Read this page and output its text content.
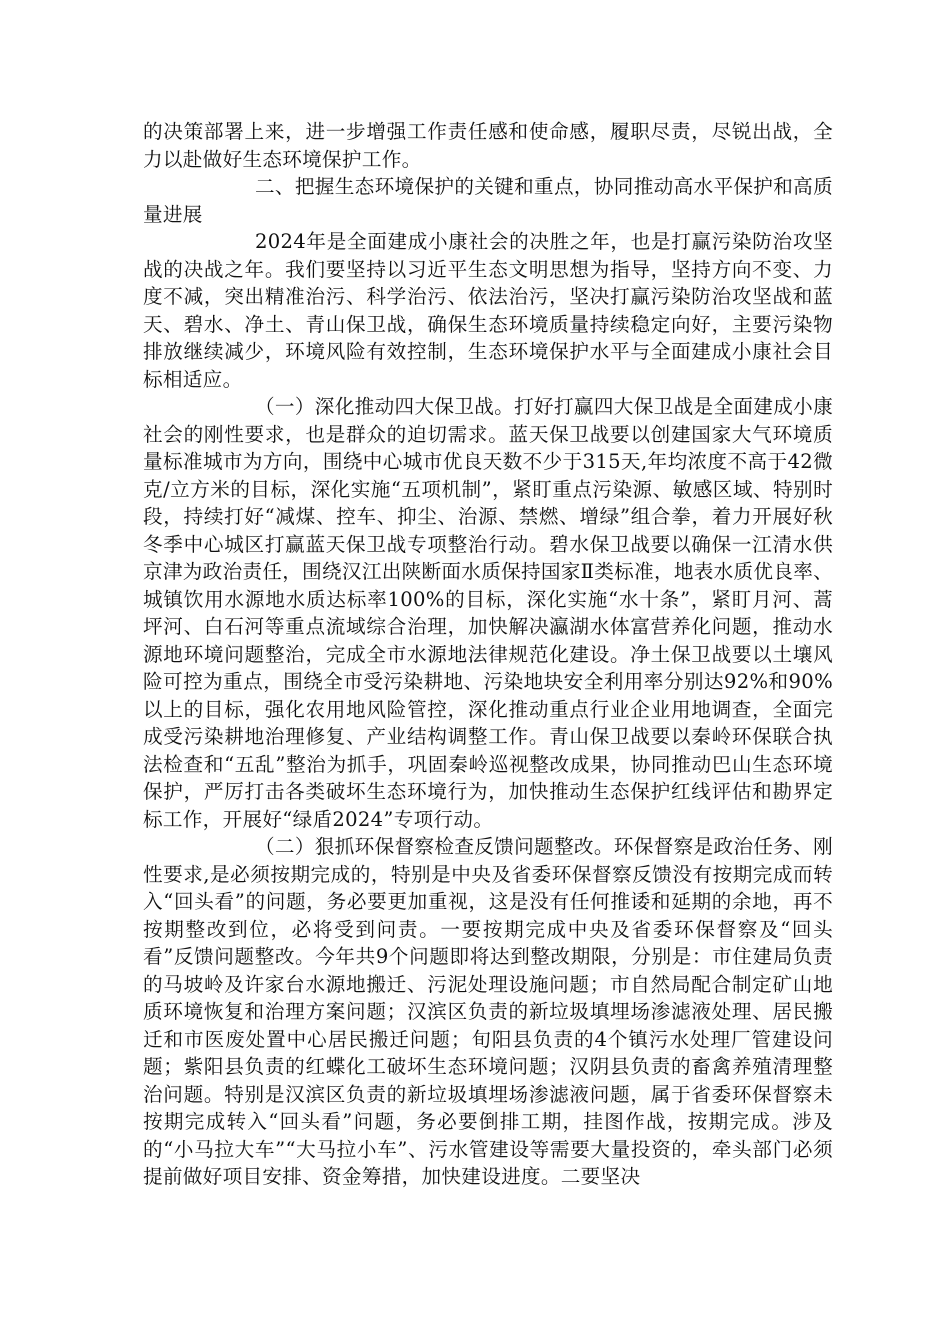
的决策部署上来，进一步增强工作责任感和使命感，履职尽责，尽锐出战，全力以赴做好生态环境保护工作。

二、把握生态环境保护的关键和重点，协同推动高水平保护和高质量进展

2024年是全面建成小康社会的决胜之年，也是打赢污染防治攻坚战的决战之年。我们要坚持以习近平生态文明思想为指导，坚持方向不变、力度不减，突出精准治污、科学治污、依法治污，坚决打赢污染防治攻坚战和蓝天、碧水、净土、青山保卫战，确保生态环境质量持续稳定向好，主要污染物排放继续减少，环境风险有效控制，生态环境保护水平与全面建成小康社会目标相适应。

（一）深化推动四大保卫战。打好打赢四大保卫战是全面建成小康社会的刚性要求，也是群众的迫切需求。蓝天保卫战要以创建国家大气环境质量标准城市为方向，围绕中心城市优良天数不少于315天,年均浓度不高于42微克/立方米的目标，深化实施“五项机制”，紧盯重点污染源、敏感区域、特别时段，持续打好“减煤、控车、抑尘、治源、禁燃、增绿”组合拳，着力开展好秋冬季中心城区打赢蓝天保卫战专项整治行动。碧水保卫战要以确保一江清水供京津为政治责任，围绕汉江出陕断面水质保持国家Ⅱ类标准，地表水质优良率、城镇饮用水源地水质达标率100%的目标，深化实施“水十条”，紧盯月河、蒿坪河、白石河等重点流域综合治理，加快解决瀛湖水体富营养化问题，推动水源地环境问题整治，完成全市水源地法律规范化建设。净土保卫战要以土壤风险可控为重点，围绕全市受污染耕地、污染地块安全利用率分别达92%和90%以上的目标，强化农用地风险管控，深化推动重点行业企业用地调查，全面完成受污染耕地治理修复、产业结构调整工作。青山保卫战要以秦岭环保联合执法检查和“五乱”整治为抓手，巩固秦岭巡视整改成果，协同推动巴山生态环境保护，严厉打击各类破坏生态环境行为，加快推动生态保护红线评估和勘界定标工作，开展好“绿盾2024”专项行动。

（二）狠抓环保督察检查反馈问题整改。环保督察是政治任务、刚性要求,是必须按期完成的，特别是中央及省委环保督察反馈没有按期完成而转入“回头看”的问题，务必要更加重视，这是没有任何推诿和延期的余地，再不按期整改到位，必将受到问责。一要按期完成中央及省委环保督察及“回头看”反馈问题整改。今年共9个问题即将达到整改期限，分别是：市住建局负责的马坡岭及许家台水源地搬迁、污泥处理设施问题；市自然局配合制定矿山地质环境恢复和治理方案问题；汉滨区负责的新垃圾填埋场渗滤液处理、居民搬迁和市医废处置中心居民搬迁问题；旬阳县负责的4个镇污水处理厂管建设问题；紫阳县负责的红蝶化工破坏生态环境问题；汉阴县负责的畜禽养殖清理整治问题。特别是汉滨区负责的新垃圾填埋场渗滤液问题，属于省委环保督察未按期完成转入“回头看”问题，务必要倒排工期，挂图作战，按期完成。涉及的“小马拉大车”“大马拉小车”、污水管建设等需要大量投资的，牵头部门必须提前做好项目安排、资金筹措，加快建设进度。二要坚决
